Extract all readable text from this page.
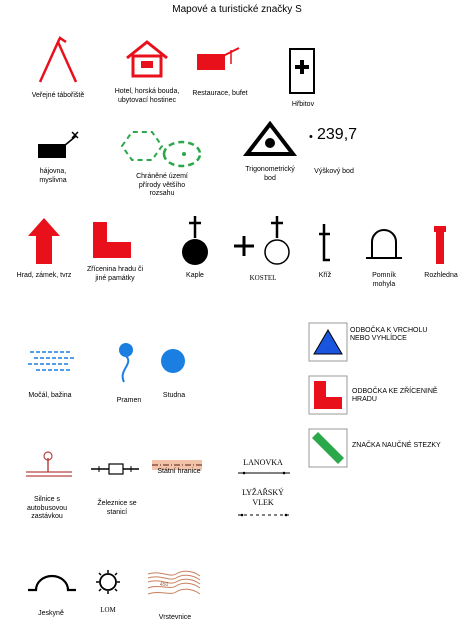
Mapové a turistické značky S
Veřejné tábořiště
Hotel, horská bouda, ubytovací hostinec
Restaurace, bufet
Hřbitov
hájovna, myslivna	Chráněné území přírody většího rozsahu
Trigonometrický bod
• 239,7
Výškový bod
Hrad, zámek, tvrz
Zřícenina hradu či jiné památky	Kaple	KOSTEL	Kříž	Pomník mohyla
Rozhledna
ODBOČKA K VRCHOLU NEBO VYHLÍDCE
ODBOČKA KE ZŘÍCENINĚ HRADU
ZNAČKA NAUČNÉ STEZKY
Močál, bažina
Pramen
Studna
Silnice s autobusovou zastávkou
Železnice se stanicí
Státní hranice
LANOVKA
LYŽAŘSKÝ VLEK
Jeskyně	LOM
450
Vrstevnice
